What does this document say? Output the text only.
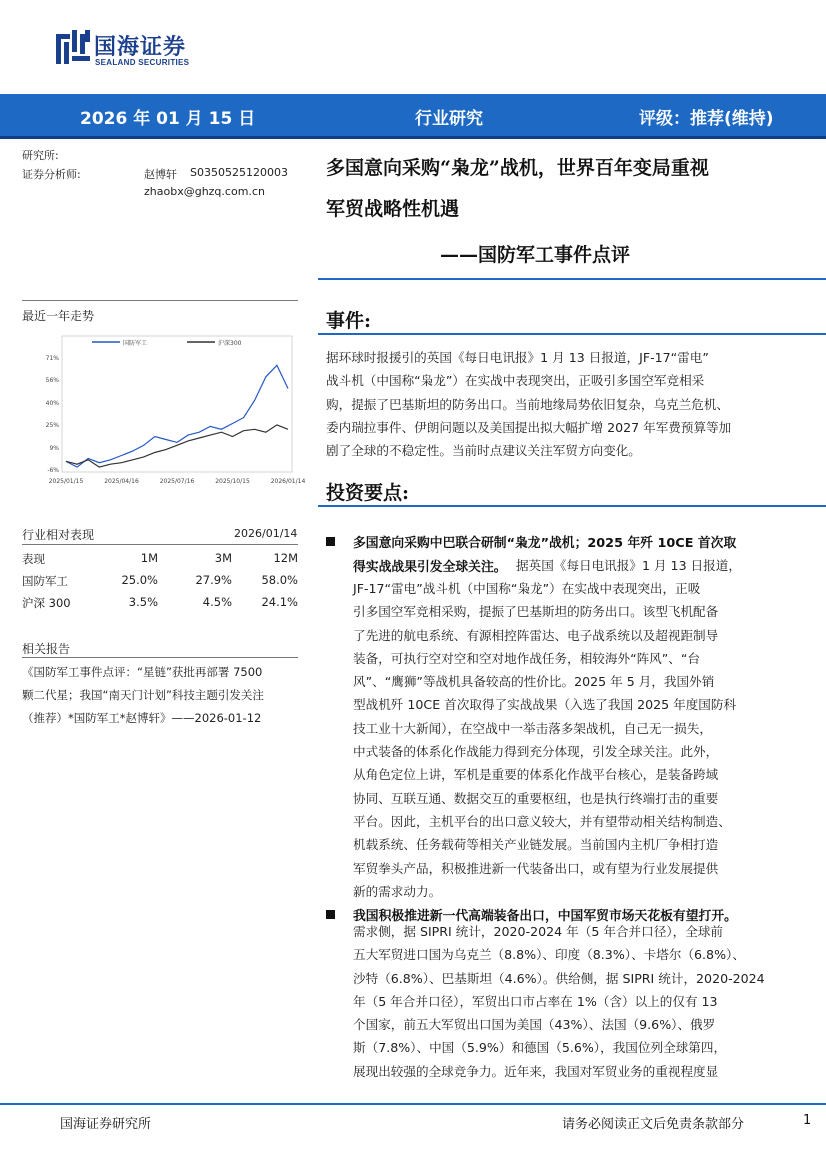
国海证券
SEALAND SECURITIES
2026 年 01 月 15 日	行业研究	评级：推荐(维持)
研究所:
证券分析师:	赵博轩 S0350525120003
zhaobx@ghzq.com.cn
多国意向采购“枭龙”战机，世界百年变局重视
军贸战略性机遇
——国防军工事件点评
最近一年走势
国防军工	沪深300
71%
56%
40%
25%
9%
-6%
2025/01/15	2025/04/16	2025/07/16	2025/10/15	2026/01/14
行业相对表现	2026/01/14
表现	1M	3M	12M
国防军工	25.0%	27.9%	58.0%
沪深 300	3.5%	4.5%	24.1%
相关报告
《国防军工事件点评：“星链”获批再部署 7500
颗二代星；我国“南天门计划”科技主题引发关注
（推荐）*国防军工*赵博轩》——2026-01-12
事件:
据环球时报援引的英国《每日电讯报》1 月 13 日报道，JF-17“雷电”
战斗机（中国称“枭龙”）在实战中表现突出，正吸引多国空军竞相采
购，提振了巴基斯坦的防务出口。当前地缘局势依旧复杂，乌克兰危机、
委内瑞拉事件、伊朗问题以及美国提出拟大幅扩增 2027 年军费预算等加
剧了全球的不稳定性。当前时点建议关注军贸方向变化。
投资要点:
多国意向采购中巴联合研制“枭龙”战机；2025 年歼 10CE 首次取
得实战战果引发全球关注。 据英国《每日电讯报》1 月 13 日报道，
JF-17“雷电”战斗机（中国称“枭龙”）在实战中表现突出，正吸
引多国空军竞相采购，提振了巴基斯坦的防务出口。该型飞机配备
了先进的航电系统、有源相控阵雷达、电子战系统以及超视距制导
装备，可执行空对空和空对地作战任务，相较海外“阵风”、“台
风”、“鹰狮”等战机具备较高的性价比。2025 年 5 月，我国外销
型战机歼 10CE 首次取得了实战战果（入选了我国 2025 年度国防科
技工业十大新闻），在空战中一举击落多架战机，自己无一损失，
中式装备的体系化作战能力得到充分体现，引发全球关注。此外，
从角色定位上讲，军机是重要的体系化作战平台核心，是装备跨域
协同、互联互通、数据交互的重要枢纽，也是执行终端打击的重要
平台。因此，主机平台的出口意义较大，并有望带动相关结构制造、
机载系统、任务载荷等相关产业链发展。当前国内主机厂争相打造
军贸拳头产品，积极推进新一代装备出口，或有望为行业发展提供
新的需求动力。
我国积极推进新一代高端装备出口，中国军贸市场天花板有望打开。
需求侧，据 SIPRI 统计，2020-2024 年（5 年合并口径），全球前
五大军贸进口国为乌克兰（8.8%）、印度（8.3%）、卡塔尔（6.8%）、
沙特（6.8%）、巴基斯坦（4.6%）。供给侧，据 SIPRI 统计，2020-2024
年（5 年合并口径），军贸出口市占率在 1%（含）以上的仅有 13
个国家，前五大军贸出口国为美国（43%）、法国（9.6%）、俄罗
斯（7.8%）、中国（5.9%）和德国（5.6%），我国位列全球第四，
展现出较强的全球竞争力。近年来，我国对军贸业务的重视程度显
国海证券研究所	请务必阅读正文后免责条款部分	1
